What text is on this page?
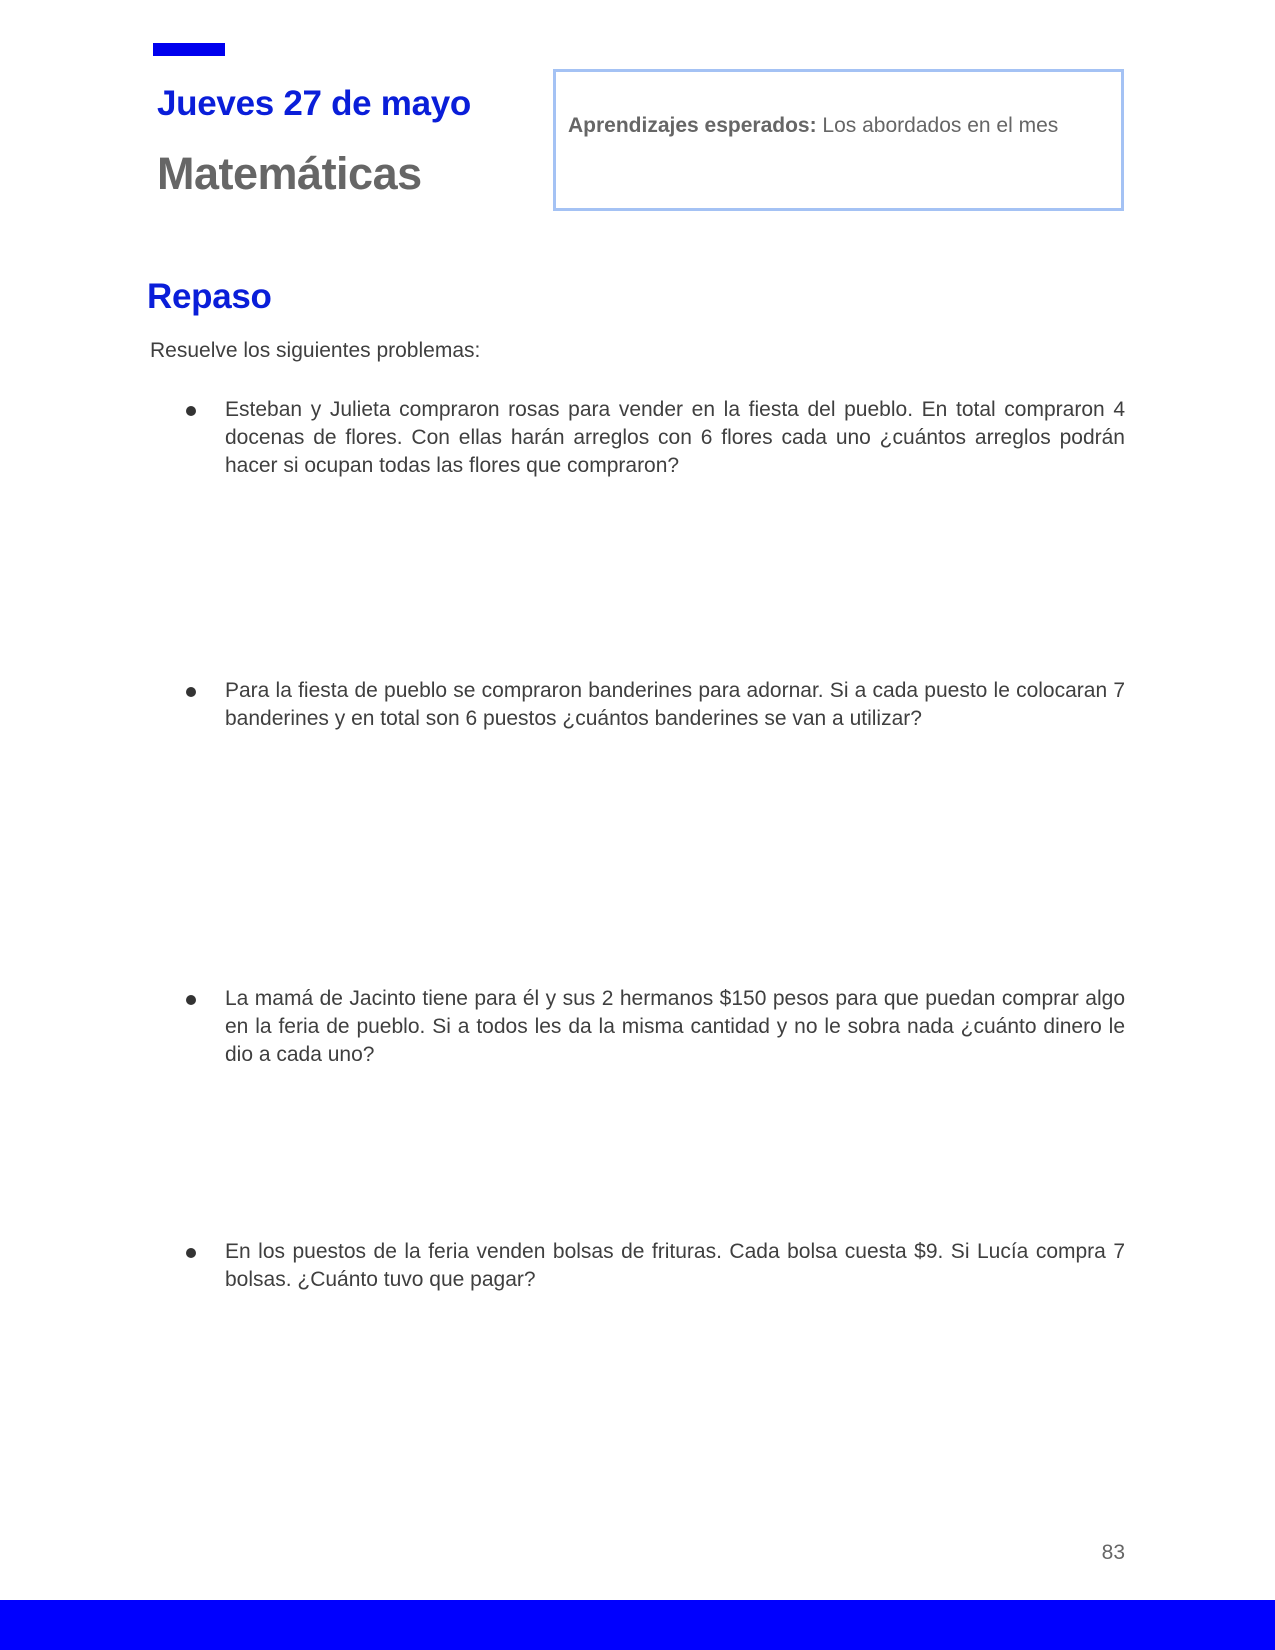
Jueves 27 de mayo
Matemáticas
Aprendizajes esperados: Los abordados en el mes
Repaso
Resuelve los siguientes problemas:

Esteban y Julieta compraron rosas para vender en la fiesta del pueblo. En total compraron 4 docenas de flores. Con ellas harán arreglos con 6 flores cada uno ¿cuántos arreglos podrán hacer si ocupan todas las flores que compraron?

Para la fiesta de pueblo se compraron banderines para adornar. Si a cada puesto le colocaran 7 banderines y en total son 6 puestos ¿cuántos banderines se van a utilizar?

La mamá de Jacinto tiene para él y sus 2 hermanos $150 pesos para que puedan comprar algo en la feria de pueblo. Si a todos les da la misma cantidad y no le sobra nada ¿cuánto dinero le dio a cada uno?

En los puestos de la feria venden bolsas de frituras. Cada bolsa cuesta $9. Si Lucía compra 7 bolsas. ¿Cuánto tuvo que pagar?

83
